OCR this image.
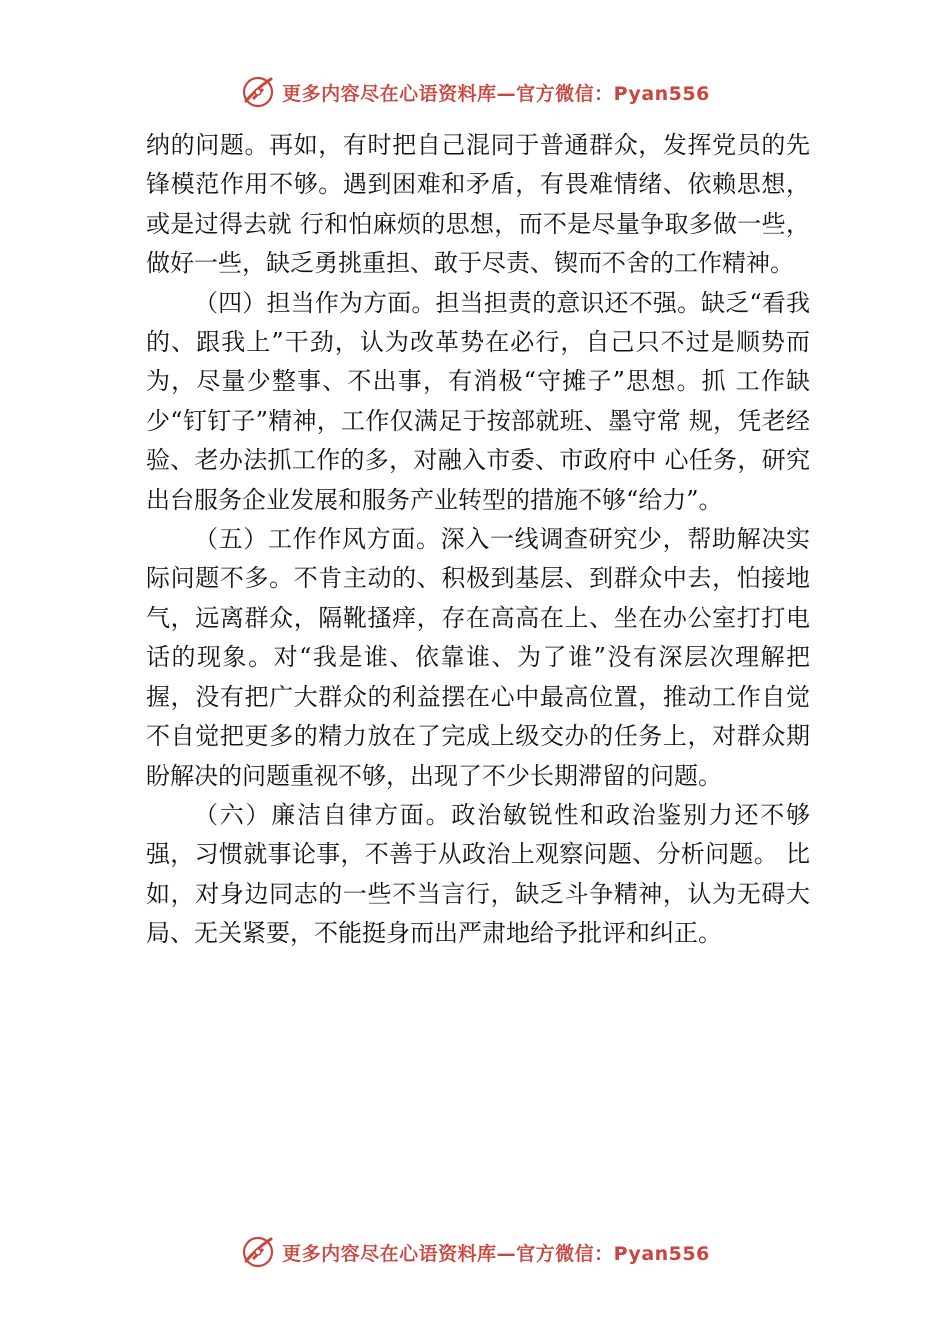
更多内容尽在心语资料库—官方微信：Pyan556

纳的问题。再如，有时把自己混同于普通群众，发挥党员的先锋模范作用不够。遇到困难和矛盾，有畏难情绪、依赖思想，或是过得去就 行和怕麻烦的思想，而不是尽量争取多做一些，做好一些，缺乏勇挑重担、敢于尽责、锲而不舍的工作精神。

（四）担当作为方面。担当担责的意识还不强。缺乏“看我的、跟我上”干劲，认为改革势在必行，自己只不过是顺势而为，尽量少整事、不出事，有消极“守摊子”思想。抓 工作缺少“钉钉子”精神，工作仅满足于按部就班、墨守常 规，凭老经验、老办法抓工作的多，对融入市委、市政府中 心任务，研究出台服务企业发展和服务产业转型的措施不够“给力”。

（五）工作作风方面。深入一线调查研究少，帮助解决实际问题不多。不肯主动的、积极到基层、到群众中去，怕接地气，远离群众，隔靴搔痒，存在高高在上、坐在办公室打打电话的现象。对“我是谁、依靠谁、为了谁”没有深层次理解把握，没有把广大群众的利益摆在心中最高位置，推动工作自觉不自觉把更多的精力放在了完成上级交办的任务上，对群众期盼解决的问题重视不够，出现了不少长期滞留的问题。

（六）廉洁自律方面。政治敏锐性和政治鉴别力还不够强，习惯就事论事，不善于从政治上观察问题、分析问题。 比如，对身边同志的一些不当言行，缺乏斗争精神，认为无碍大局、无关紧要，不能挺身而出严肃地给予批评和纠正。

更多内容尽在心语资料库—官方微信：Pyan556
